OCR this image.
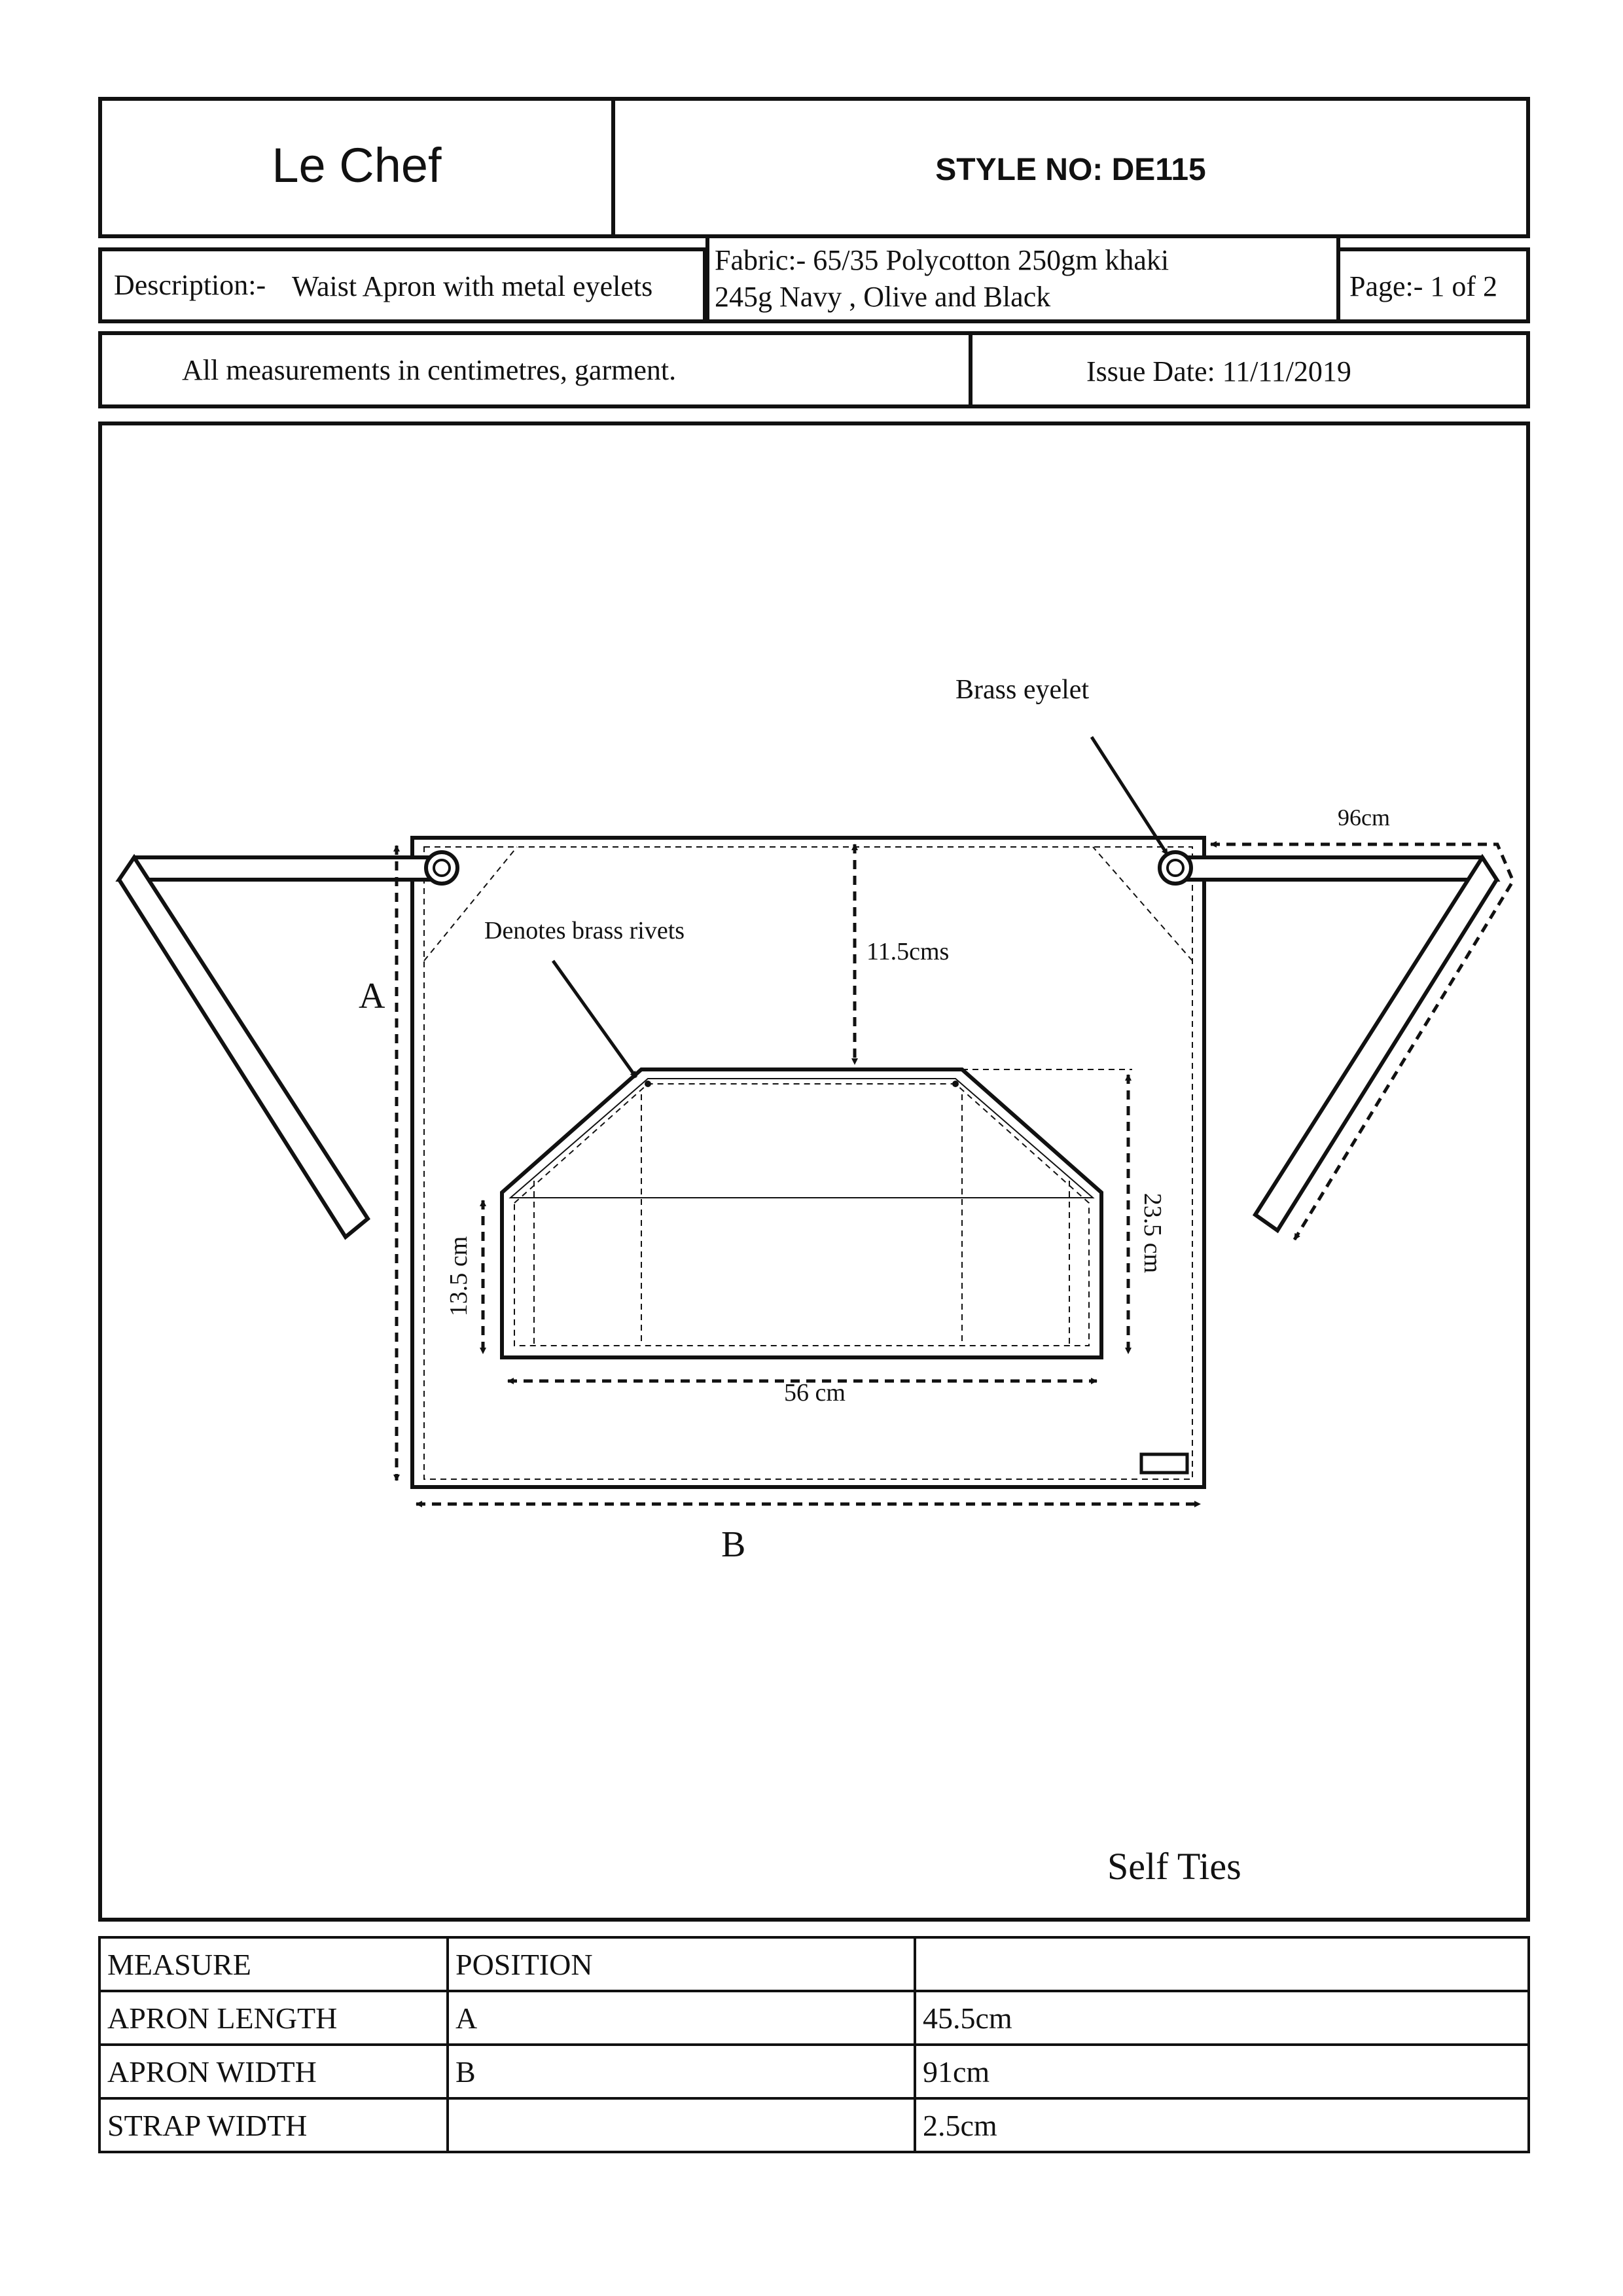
Le Chef	STYLE NO: DE115
Description:- Waist Apron with metal eyelets
Fabric:- 65/35 Polycotton 250gm khaki
245g Navy , Olive and Black	Page:- 1 of 2
All measurements in centimetres, garment.	Issue Date: 11/11/2019
Brass eyelet
96cm
Denotes brass rivets
11.5cms
A
B
56 cm
13.5 cm
23.5 cm
Self Ties
MEASURE	POSITION	
APRON LENGTH	A	45.5cm
APRON WIDTH	B	91cm
STRAP WIDTH		2.5cm
